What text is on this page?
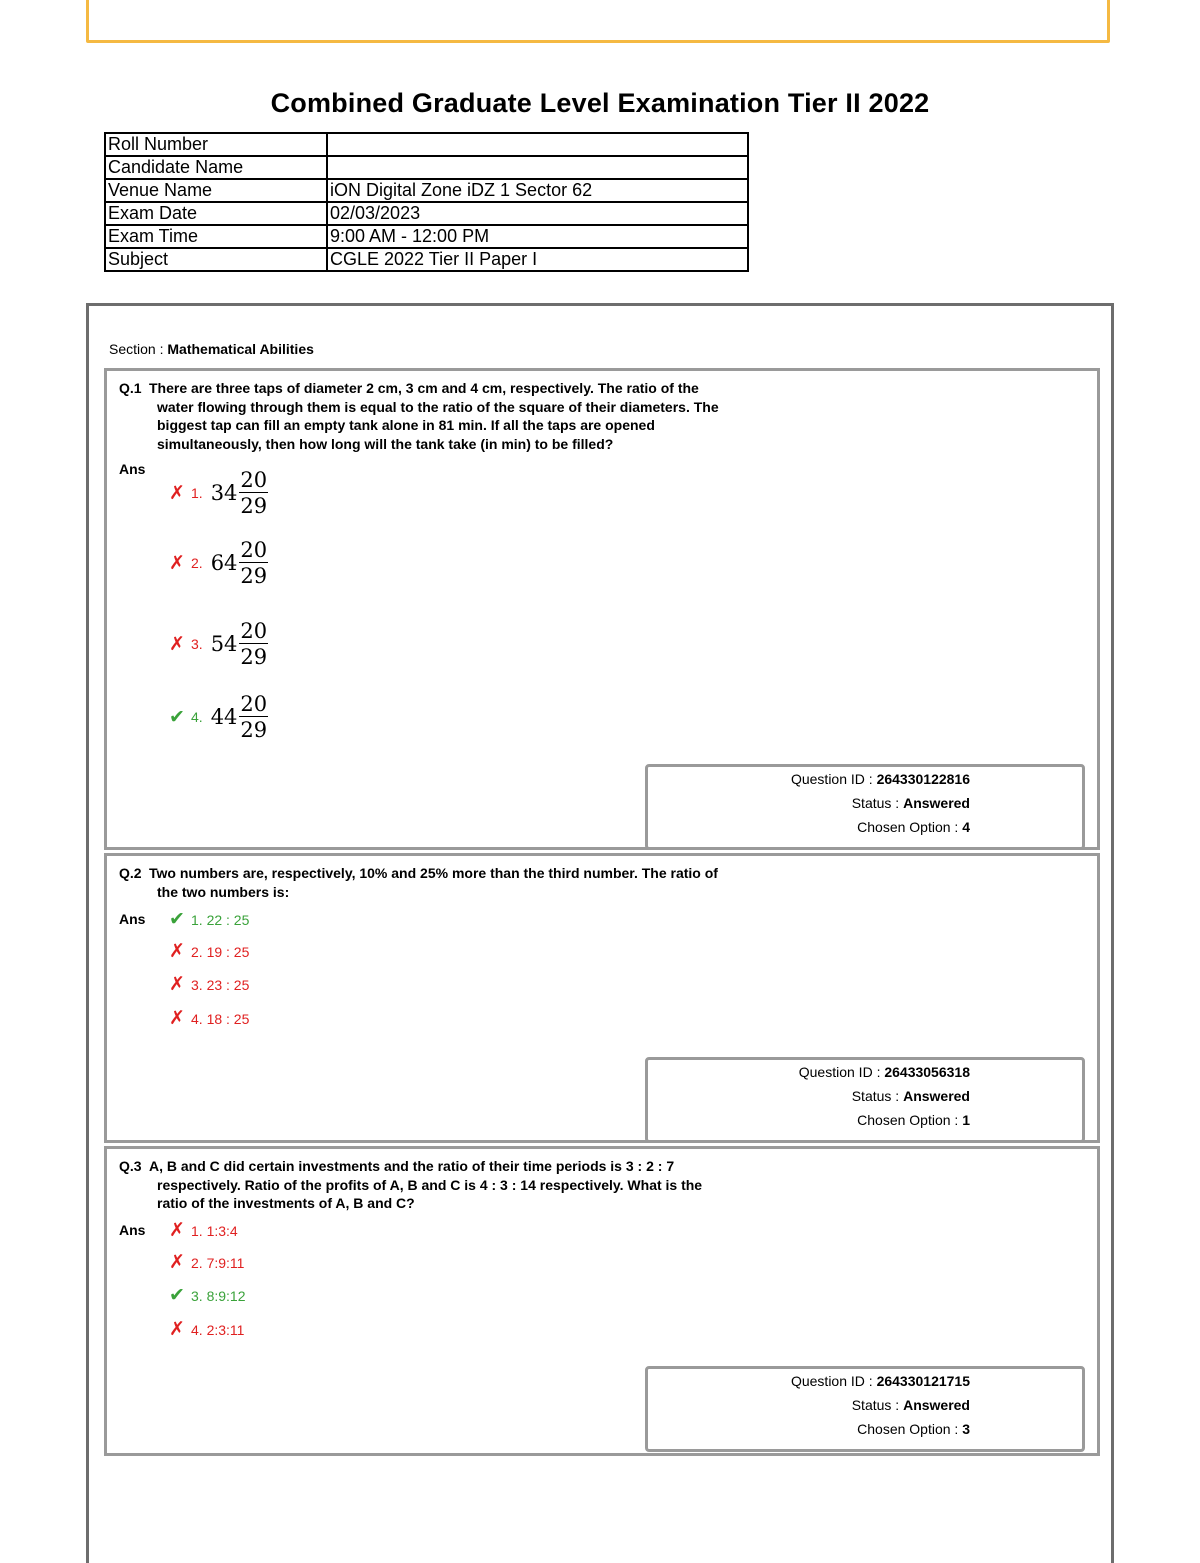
Combined Graduate Level Examination Tier II 2022
Roll Number	
Candidate Name	
Venue Name	iON Digital Zone iDZ 1 Sector 62
Exam Date	02/03/2023
Exam Time	9:00 AM - 12:00 PM
Subject	CGLE 2022 Tier II Paper I
Section : Mathematical Abilities
Q.1 There are three taps of diameter 2 cm, 3 cm and 4 cm, respectively. The ratio of the
water flowing through them is equal to the ratio of the square of their diameters. The
biggest tap can fill an empty tank alone in 81 min. If all the taps are opened
simultaneously, then how long will the tank take (in min) to be filled?
Ans
✗ 1. $34 \frac{20}{29}$
✗ 2. $64 \frac{20}{29}$
✗ 3. $54 \frac{20}{29}$
✔ 4. $44 \frac{20}{29}$
Question ID : 264330122816
Status : Answered
Chosen Option : 4
Q.2 Two numbers are, respectively, 10% and 25% more than the third number. The ratio of
the two numbers is:
Ans ✔ 1. 22 : 25
✗ 2. 19 : 25
✗ 3. 23 : 25
✗ 4. 18 : 25
Question ID : 26433056318
Status : Answered
Chosen Option : 1
Q.3 A, B and C did certain investments and the ratio of their time periods is 3 : 2 : 7
respectively. Ratio of the profits of A, B and C is 4 : 3 : 14 respectively. What is the
ratio of the investments of A, B and C?
Ans ✗ 1. 1:3:4
✗ 2. 7:9:11
✔ 3. 8:9:12
✗ 4. 2:3:11
Question ID : 264330121715
Status : Answered
Chosen Option : 3
